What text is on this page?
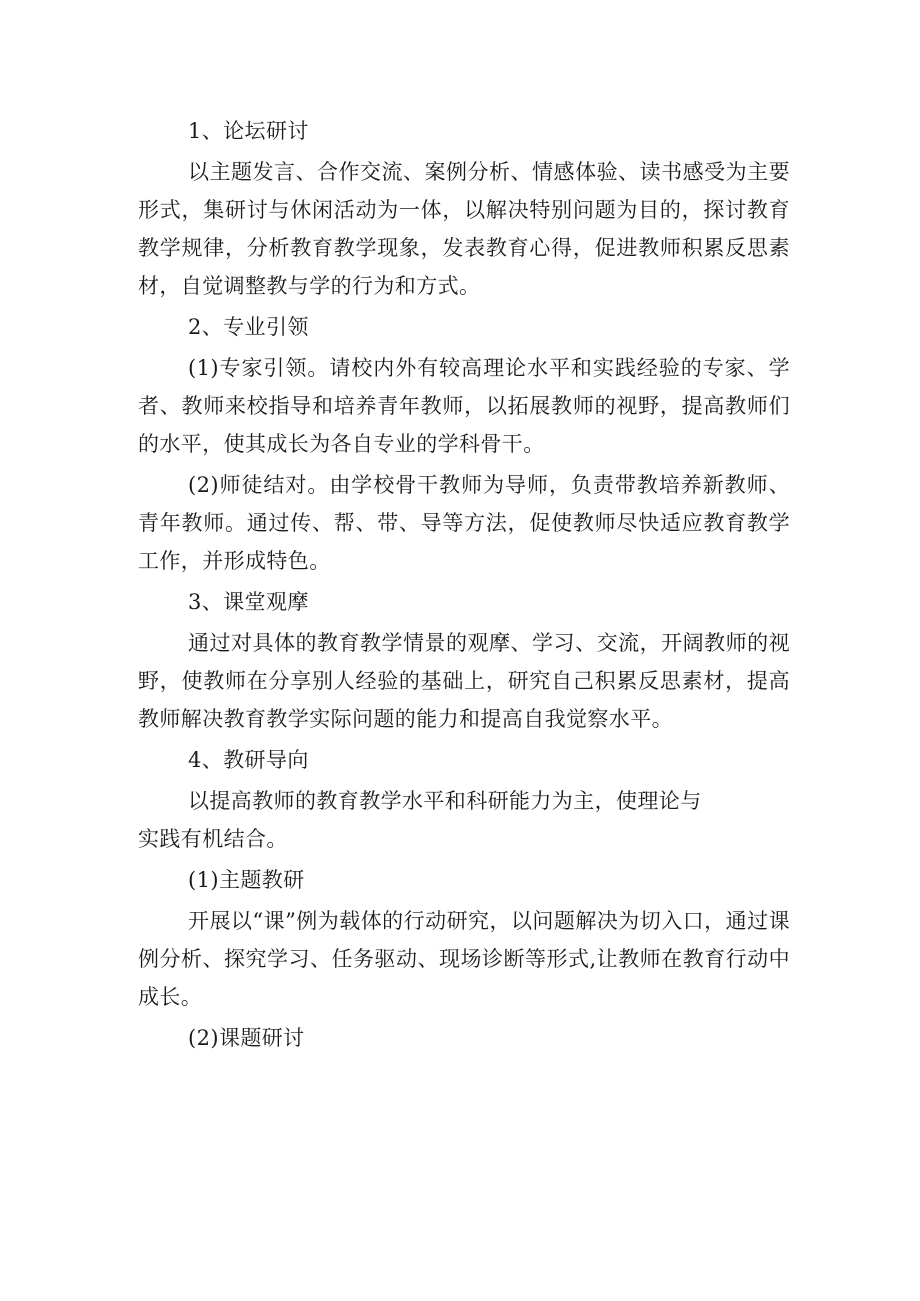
1、论坛研讨

以主题发言、合作交流、案例分析、情感体验、读书感受为主要形式，集研讨与休闲活动为一体，以解决特别问题为目的，探讨教育教学规律，分析教育教学现象，发表教育心得，促进教师积累反思素材，自觉调整教与学的行为和方式。

2、专业引领

(1)专家引领。请校内外有较高理论水平和实践经验的专家、学者、教师来校指导和培养青年教师，以拓展教师的视野，提高教师们的水平，使其成长为各自专业的学科骨干。

(2)师徒结对。由学校骨干教师为导师，负责带教培养新教师、青年教师。通过传、帮、带、导等方法，促使教师尽快适应教育教学工作，并形成特色。

3、课堂观摩

通过对具体的教育教学情景的观摩、学习、交流，开阔教师的视野，使教师在分享别人经验的基础上，研究自己积累反思素材，提高教师解决教育教学实际问题的能力和提高自我觉察水平。

4、教研导向

以提高教师的教育教学水平和科研能力为主，使理论与
实践有机结合。

(1)主题教研

开展以“课”例为载体的行动研究，以问题解决为切入口，通过课例分析、探究学习、任务驱动、现场诊断等形式,让教师在教育行动中成长。

(2)课题研讨
